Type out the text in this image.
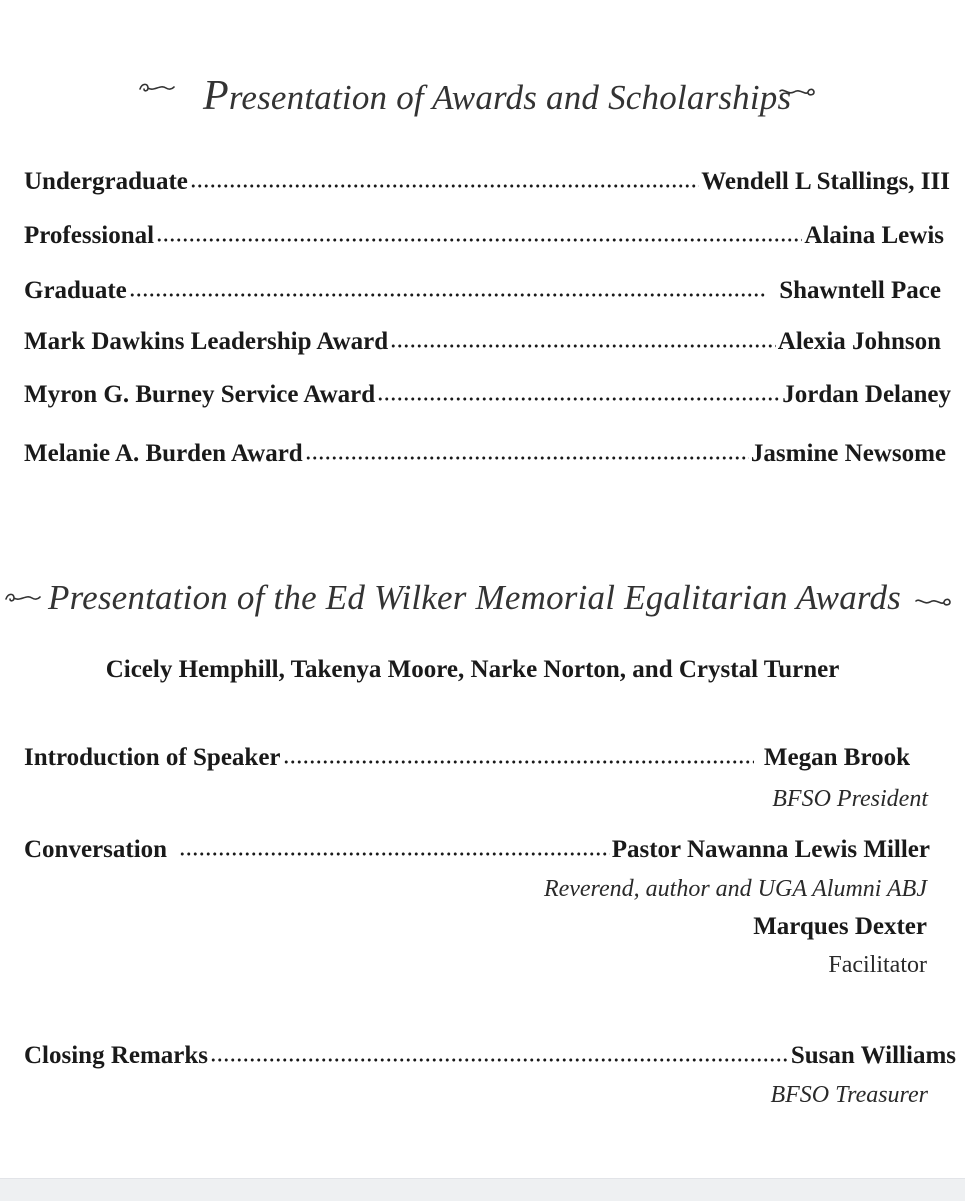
Presentation of Awards and Scholarships
Undergraduate	Wendell L Stallings, III
Professional	Alaina Lewis
Graduate	Shawntell Pace
Mark Dawkins Leadership Award	Alexia Johnson
Myron G. Burney Service Award	Jordan Delaney
Melanie A. Burden Award	Jasmine Newsome
Presentation of the Ed Wilker Memorial Egalitarian Awards
Cicely Hemphill, Takenya Moore, Narke Norton, and Crystal Turner
Introduction of Speaker	Megan Brook
BFSO President
Conversation	Pastor Nawanna Lewis Miller
Reverend, author and UGA Alumni ABJ
Marques Dexter
Facilitator
Closing Remarks	Susan Williams
BFSO Treasurer
